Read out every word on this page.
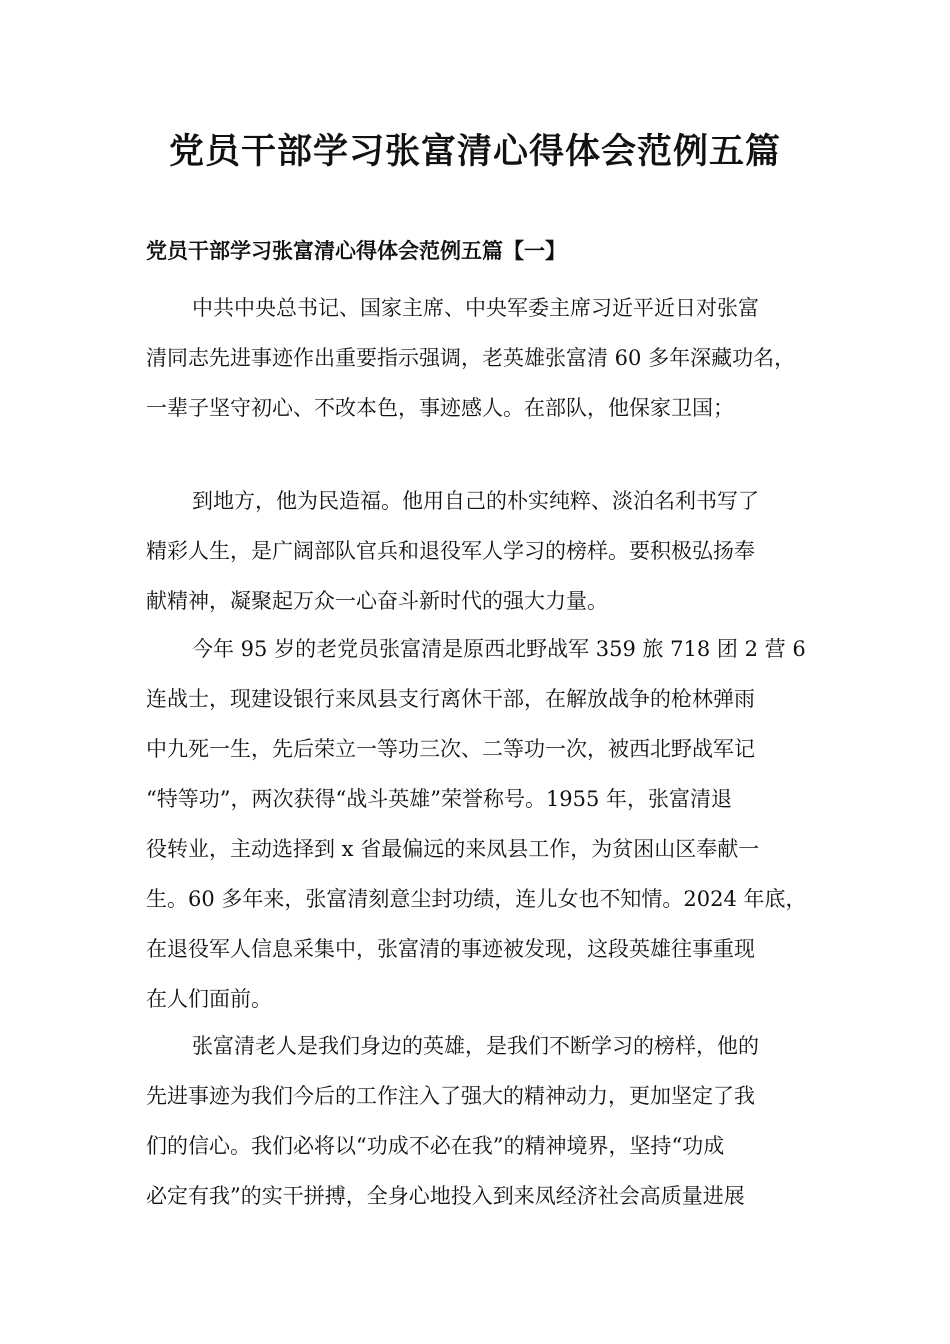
党员干部学习张富清心得体会范例五篇
党员干部学习张富清心得体会范例五篇【一】
中共中央总书记、国家主席、中央军委主席习近平近日对张富
清同志先进事迹作出重要指示强调，老英雄张富清 60 多年深藏功名，
一辈子坚守初心、不改本色，事迹感人。在部队，他保家卫国；
到地方，他为民造福。他用自己的朴实纯粹、淡泊名利书写了
精彩人生，是广阔部队官兵和退役军人学习的榜样。要积极弘扬奉
献精神，凝聚起万众一心奋斗新时代的强大力量。
今年 95 岁的老党员张富清是原西北野战军 359 旅 718 团 2 营 6
连战士，现建设银行来凤县支行离休干部，在解放战争的枪林弹雨
中九死一生，先后荣立一等功三次、二等功一次，被西北野战军记
“特等功”，两次获得“战斗英雄”荣誉称号。1955 年，张富清退
役转业，主动选择到 x 省最偏远的来凤县工作，为贫困山区奉献一
生。60 多年来，张富清刻意尘封功绩，连儿女也不知情。2024 年底，
在退役军人信息采集中，张富清的事迹被发现，这段英雄往事重现
在人们面前。
张富清老人是我们身边的英雄，是我们不断学习的榜样，他的
先进事迹为我们今后的工作注入了强大的精神动力，更加坚定了我
们的信心。我们必将以“功成不必在我”的精神境界，坚持“功成
必定有我”的实干拼搏，全身心地投入到来凤经济社会高质量进展
